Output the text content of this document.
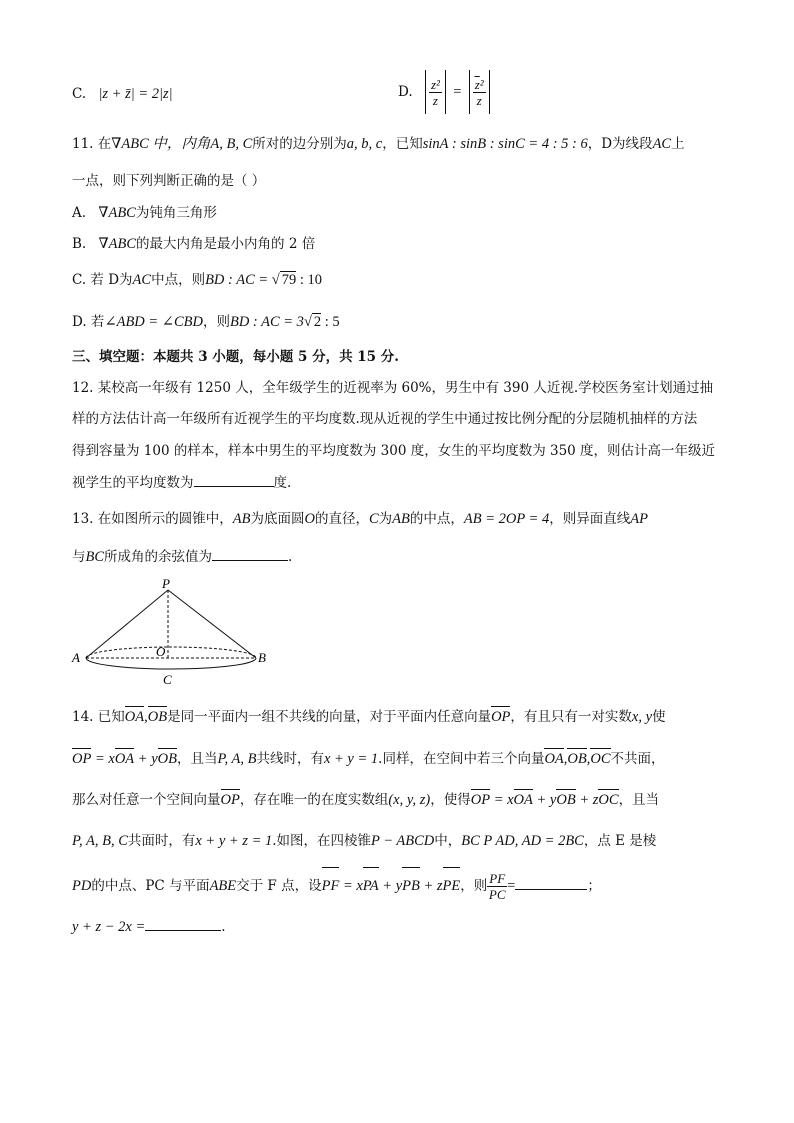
C. |z + z̄| = 2|z|	D. $\frac{\text{z²}}{z} = \frac{\overline{z}^2}{z}$
11. 在∇ABC 中，内角A, B, C所对的边分别为a, b, c，已知sinA : sinB : sinC = 4 : 5 : 6，D为线段AC上
一点，则下列判断正确的是（ ）
A. ∇ABC为钝角三角形
B. ∇ABC的最大内角是最小内角的 2 倍
C. 若 D为AC中点，则BD : AC = √ 79 : 10
D. 若∠ABD = ∠CBD，则BD : AC = 3√ 2 : 5
三、填空题：本题共 3 小题，每小题 5 分，共 15 分.
12. 某校高一年级有 1250 人，全年级学生的近视率为 60%，男生中有 390 人近视.学校医务室计划通过抽
样的方法估计高一年级所有近视学生的平均度数.现从近视的学生中通过按比例分配的分层随机抽样的方法
得到容量为 100 的样本，样本中男生的平均度数为 300 度，女生的平均度数为 350 度，则估计高一年级近
视学生的平均度数为	度.
13. 在如图所示的圆锥中，AB为底面圆O的直径，C为AB的中点，AB = 2OP = 4，则异面直线AP
与BC所成角的余弦值为	.
P
O
A	B
C
14. 已知OA,OB是同一平面内一组不共线的向量，对于平面内任意向量OP，有且只有一对实数x, y使
OP = xOA + yOB，且当P, A, B共线时，有x + y = 1.同样，在空间中若三个向量OA,OB,OC不共面，
那么对任意一个空间向量OP，存在唯一的在度实数组(x, y, z)，使得OP = xOA + yOB + zOC，且当
P, A, B, C共面时，有x + y + z = 1.如图，在四棱锥P − ABCD中，BC P AD, AD = 2BC，点 E 是棱
PD的中点、PC 与平面ABE交于 F 点，设PF = xPA + yPB + zPE，则 $\frac{PF}{PC}$ =	；
y + z − 2x =	.
